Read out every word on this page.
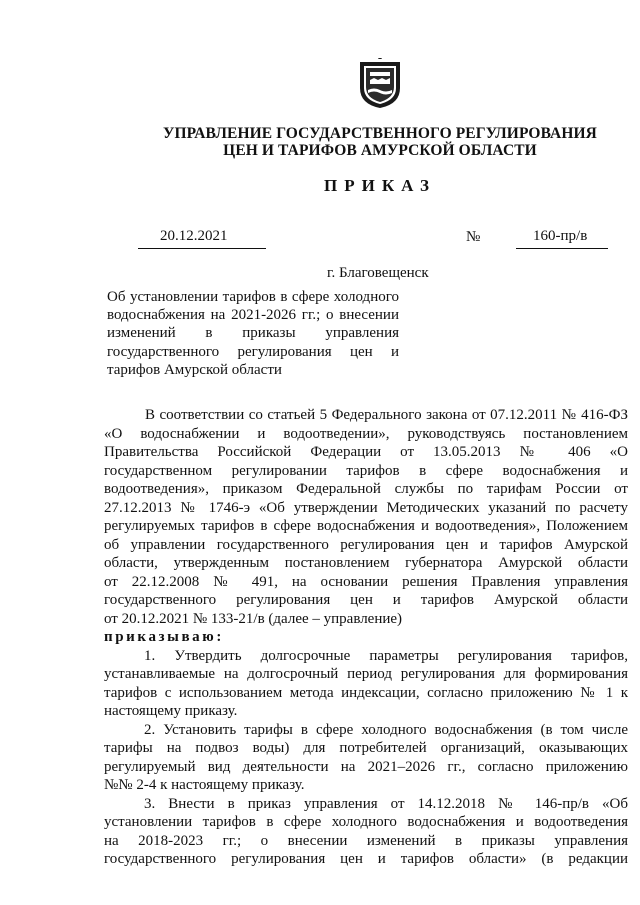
УПРАВЛЕНИЕ ГОСУДАРСТВЕННОГО РЕГУЛИРОВАНИЯ
ЦЕН И ТАРИФОВ АМУРСКОЙ ОБЛАСТИ
ПРИКАЗ
20.12.2021	№	160-пр/в
г. Благовещенск
Об установлении тарифов в сфере холодного
водоснабжения на 2021-2026 гг.; о внесении
изменений в приказы управления
государственного регулирования цен и
тарифов Амурской области
В соответствии со статьей 5 Федерального закона от 07.12.2011 № 416-ФЗ
«О водоснабжении и водоотведении», руководствуясь постановлением
Правительства Российской Федерации от 13.05.2013 № 406 «О
государственном регулировании тарифов в сфере водоснабжения и
водоотведения», приказом Федеральной службы по тарифам России от
27.12.2013 № 1746-э «Об утверждении Методических указаний по расчету
регулируемых тарифов в сфере водоснабжения и водоотведения», Положением
об управлении государственного регулирования цен и тарифов Амурской
области, утвержденным постановлением губернатора Амурской области
от 22.12.2008 № 491, на основании решения Правления управления
государственного регулирования цен и тарифов Амурской области
от 20.12.2021 № 133-21/в (далее – управление)
приказываю:
1. Утвердить долгосрочные параметры регулирования тарифов,
устанавливаемые на долгосрочный период регулирования для формирования
тарифов с использованием метода индексации, согласно приложению № 1 к
настоящему приказу.
2. Установить тарифы в сфере холодного водоснабжения (в том числе
тарифы на подвоз воды) для потребителей организаций, оказывающих
регулируемый вид деятельности на 2021–2026 гг., согласно приложению
№№ 2-4 к настоящему приказу.
3. Внести в приказ управления от 14.12.2018 № 146-пр/в «Об
установлении тарифов в сфере холодного водоснабжения и водоотведения
на 2018-2023 гг.; о внесении изменений в приказы управления
государственного регулирования цен и тарифов области» (в редакции
